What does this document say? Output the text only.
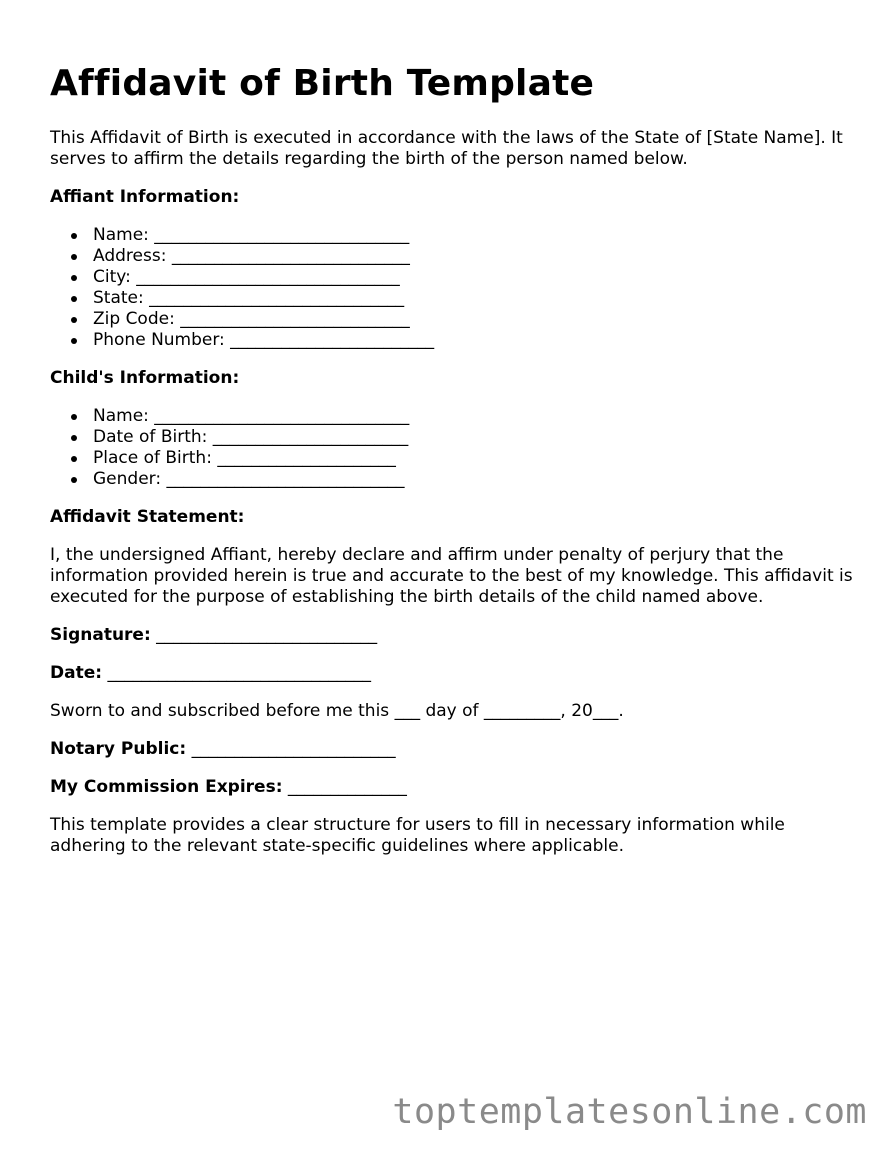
Affidavit of Birth Template

This Affidavit of Birth is executed in accordance with the laws of the State of [State Name]. It serves to affirm the details regarding the birth of the person named below.

Affiant Information:

Name: ______________________________
Address: ____________________________
City: _______________________________
State: ______________________________
Zip Code: ___________________________
Phone Number: ________________________

Child's Information:

Name: ______________________________
Date of Birth: _______________________
Place of Birth: _____________________
Gender: ____________________________

Affidavit Statement:

I, the undersigned Affiant, hereby declare and affirm under penalty of perjury that the information provided herein is true and accurate to the best of my knowledge. This affidavit is executed for the purpose of establishing the birth details of the child named above.

Signature: __________________________

Date: _______________________________

Sworn to and subscribed before me this ___ day of _________, 20___.

Notary Public: ________________________

My Commission Expires: ______________

This template provides a clear structure for users to fill in necessary information while adhering to the relevant state-specific guidelines where applicable.

toptemplatesonline.com
